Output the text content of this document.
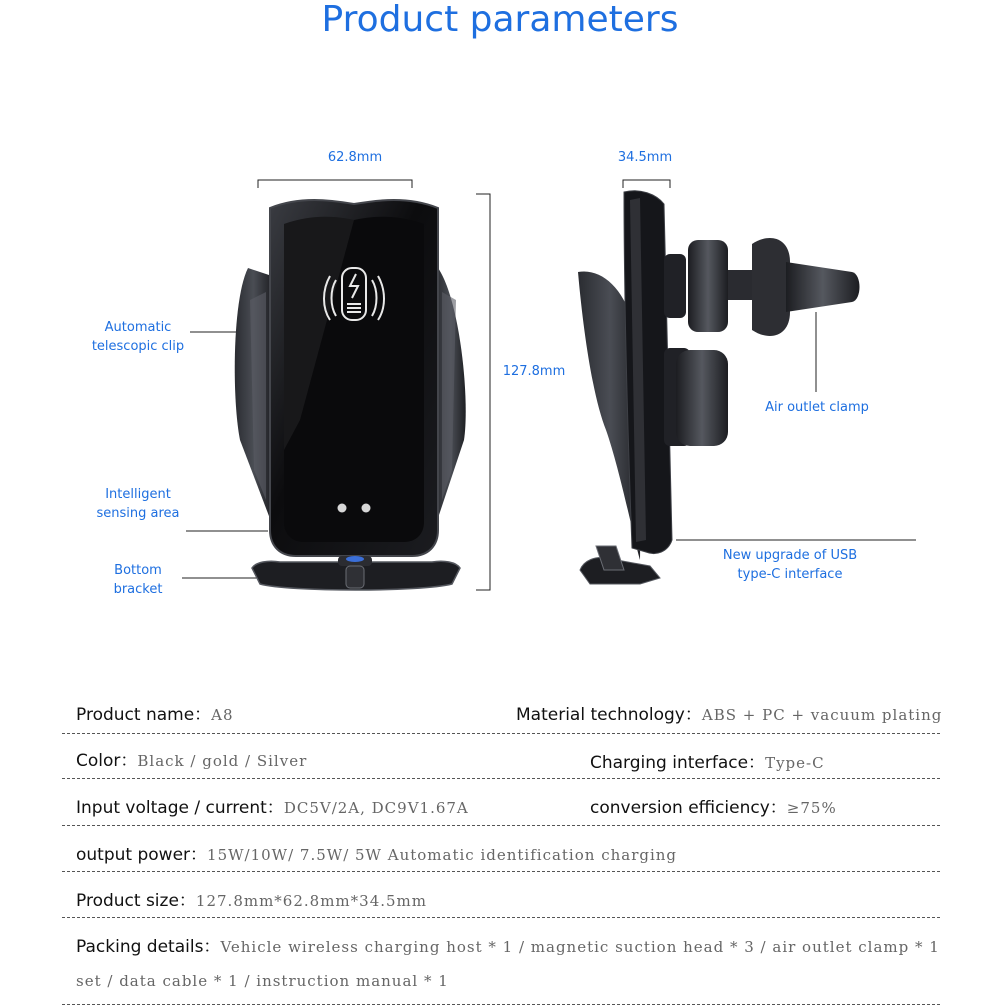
Product parameters
62.8mm	34.5mm
127.8mm
Automatic telescopic clip
Intelligent sensing area
Bottom bracket
Air outlet clamp
New upgrade of USB type-C interface
Product name：A8	Material technology：ABS + PC + vacuum plating
Color：Black / gold / Silver	Charging interface：Type-C
Input voltage / current：DC5V/2A, DC9V1.67A	conversion efficiency：≥75%
output power：15W/10W/ 7.5W/ 5W Automatic identification charging
Product size：127.8mm*62.8mm*34.5mm
Packing details：Vehicle wireless charging host * 1 / magnetic suction head * 3 / air outlet clamp * 1 set / data cable * 1 / instruction manual * 1
